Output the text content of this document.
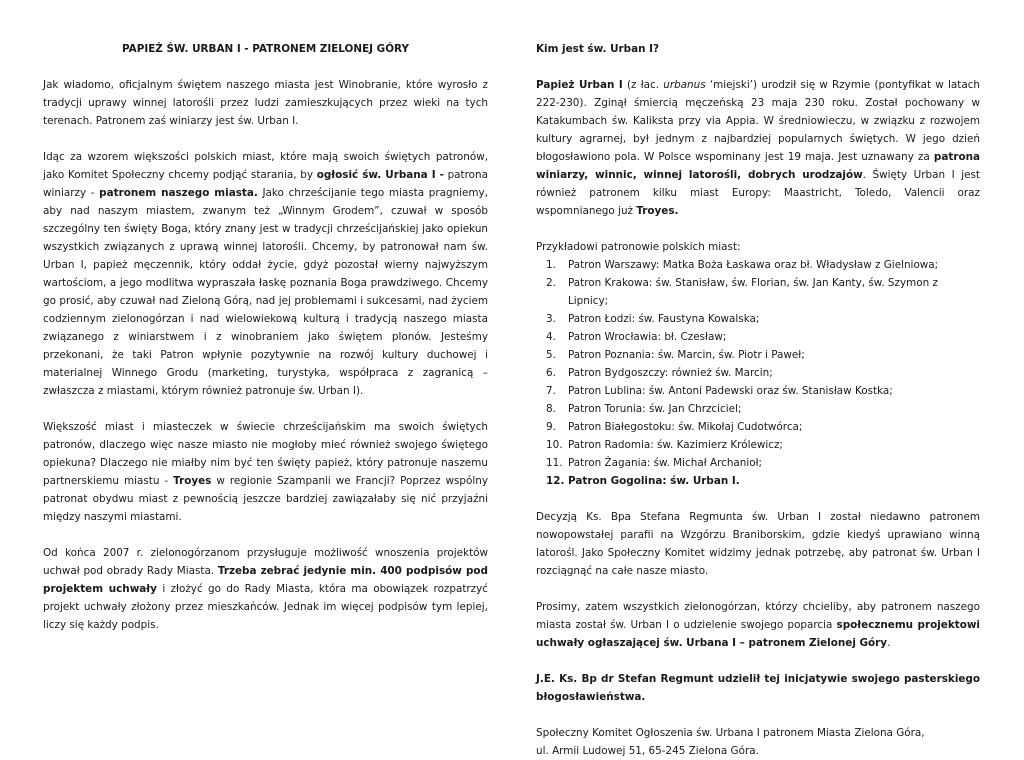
PAPIEŻ ŚW. URBAN I - PATRONEM ZIELONEJ GÓRY

Jak wiadomo, oficjalnym świętem naszego miasta jest Winobranie, które wyrosło z tradycji uprawy winnej latorośli przez ludzi zamieszkujących przez wieki na tych terenach. Patronem zaś winiarzy jest św. Urban I.

Idąc za wzorem większości polskich miast, które mają swoich świętych patronów, jako Komitet Społeczny chcemy podjąć starania, by ogłosić św. Urbana I - patrona winiarzy - patronem naszego miasta. Jako chrześcijanie tego miasta pragniemy, aby nad naszym miastem, zwanym też „Winnym Grodem”, czuwał w sposób szczególny ten święty Boga, który znany jest w tradycji chrześcijańskiej jako opiekun wszystkich związanych z uprawą winnej latorośli. Chcemy, by patronował nam św. Urban I, papież męczennik, który oddał życie, gdyż pozostał wierny najwyższym wartościom, a jego modlitwa wypraszała łaskę poznania Boga prawdziwego. Chcemy go prosić, aby czuwał nad Zieloną Górą, nad jej problemami i sukcesami, nad życiem codziennym zielonogórzan i nad wielowiekową kulturą i tradycją naszego miasta związanego z winiarstwem i z winobraniem jako świętem plonów. Jesteśmy przekonani, że taki Patron wpłynie pozytywnie na rozwój kultury duchowej i materialnej Winnego Grodu (marketing, turystyka, współpraca z zagranicą – zwłaszcza z miastami, którym również patronuje św. Urban I).

Większość miast i miasteczek w świecie chrześcijańskim ma swoich świętych patronów, dlaczego więc nasze miasto nie mogłoby mieć również swojego świętego opiekuna? Dlaczego nie miałby nim być ten święty papież, który patronuje naszemu partnerskiemu miastu - Troyes w regionie Szampanii we Francji? Poprzez wspólny patronat obydwu miast z pewnością jeszcze bardziej zawiązałaby się nić przyjaźni między naszymi miastami.

Od końca 2007 r. zielonogórzanom przysługuje możliwość wnoszenia projektów uchwał pod obrady Rady Miasta. Trzeba zebrać jedynie min. 400 podpisów pod projektem uchwały i złożyć go do Rady Miasta, która ma obowiązek rozpatrzyć projekt uchwały złożony przez mieszkańców. Jednak im więcej podpisów tym lepiej, liczy się każdy podpis.

Kim jest św. Urban I?

Papież Urban I (z łac. urbanus ‘miejski’) urodził się w Rzymie (pontyfikat w latach 222-230). Zginął śmiercią męczeńską 23 maja 230 roku. Został pochowany w Katakumbach św. Kaliksta przy via Appia. W średniowieczu, w związku z rozwojem kultury agrarnej, był jednym z najbardziej popularnych świętych. W jego dzień błogosławiono pola. W Polsce wspominany jest 19 maja. Jest uznawany za patrona winiarzy, winnic, winnej latorośli, dobrych urodzajów. Święty Urban I jest również patronem kilku miast Europy: Maastricht, Toledo, Valencii oraz wspomnianego już Troyes.

Przykładowi patronowie polskich miast:
1. Patron Warszawy: Matka Boża Łaskawa oraz bł. Władysław z Gielniowa;
2. Patron Krakowa: św. Stanisław, św. Florian, św. Jan Kanty, św. Szymon z Lipnicy;
3. Patron Łodzi: św. Faustyna Kowalska;
4. Patron Wrocławia: bł. Czesław;
5. Patron Poznania: św. Marcin, św. Piotr i Paweł;
6. Patron Bydgoszczy: również św. Marcin;
7. Patron Lublina: św. Antoni Padewski oraz św. Stanisław Kostka;
8. Patron Torunia: św. Jan Chrzciciel;
9. Patron Białegostoku: św. Mikołaj Cudotwórca;
10. Patron Radomia: św. Kazimierz Królewicz;
11. Patron Żagania: św. Michał Archanioł;
12. Patron Gogolina: św. Urban I.

Decyzją Ks. Bpa Stefana Regmunta św. Urban I został niedawno patronem nowopowstałej parafii na Wzgórzu Braniborskim, gdzie kiedyś uprawiano winną latorośl. Jako Społeczny Komitet widzimy jednak potrzebę, aby patronat św. Urban I rozciągnąć na całe nasze miasto.

Prosimy, zatem wszystkich zielonogórzan, którzy chcieliby, aby patronem naszego miasta został św. Urban I o udzielenie swojego poparcia społecznemu projektowi uchwały ogłaszającej św. Urbana I – patronem Zielonej Góry.

J.E. Ks. Bp dr Stefan Regmunt udzielił tej inicjatywie swojego pasterskiego błogosławieństwa.

Społeczny Komitet Ogłoszenia św. Urbana I patronem Miasta Zielona Góra,
ul. Armii Ludowej 51, 65-245 Zielona Góra.
